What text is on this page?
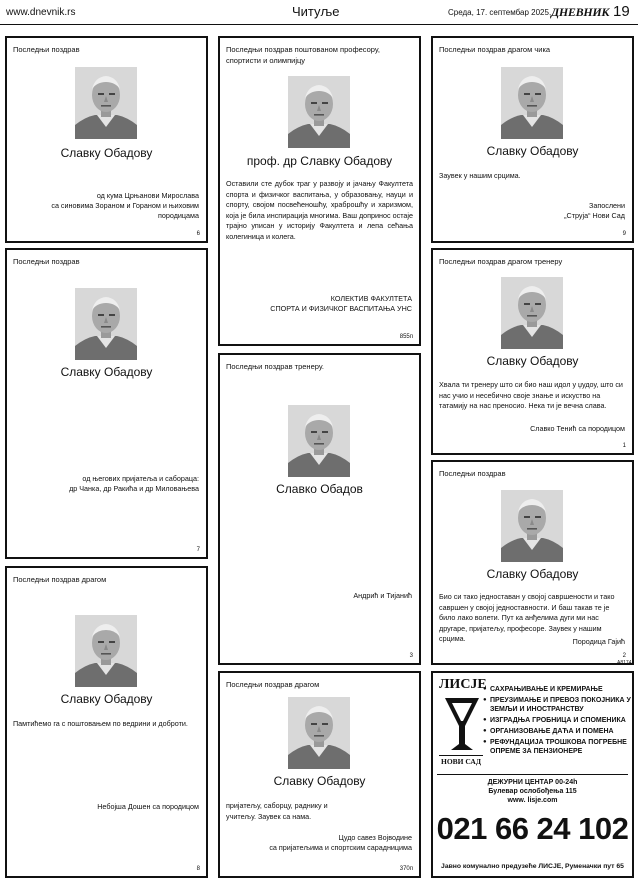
www.dnevnik.rs	Читуље	Среда, 17. септембар 2025. ДНЕВНИК 19
Последњи поздрав
Славку Обадову
од кума Црњанови Мирослава
са синовима Зораном и Гораном и њиховим породицама
6
Последњи поздрав
Славку Обадову
од његових пријатеља и сабораца:
др Чанка, др Ракића и др Миловањева
7
Последњи поздрав драгом
Славку Обадову
Памтићемо га с поштовањем по ведрини и доброти.
Небојша Дошен са породицом
8
Последњи поздрав поштованом професору, спортисти и олимпијцу
проф. др Славку Обадову
Оставили сте дубок траг у развоју и јачању Факултета спорта и физичког васпитања, у образовању, науци и спорту, својом посвећеношћу, храброшћу и харизмом, која је била инспирација многима. Ваш допринос остаје трајно уписан у историју Факултета и лепа сећања колегиница и колега.
КОЛЕКТИВ ФАКУЛТЕТА
СПОРТА И ФИЗИЧКОГ ВАСПИТАЊА УНС
855п
Последњи поздрав тренеру.
Славко Обадов
Андрић и Тијанић
3
Последњи поздрав драгом
Славку Обадову
пријатељу, саборцу, раднику и учитељу. Заувек са нама.
Цудо савез Војводине
са пријатељима и спортским сарадницима
370п
Последњи поздрав драгом чика
Славку Обадову
Заувек у нашим срцима.
Запослени
„Струја“ Нови Сад
9
Последњи поздрав драгом тренеру
Славку Обадову
Хвала ти тренеру што си био наш идол у џудоу, што си нас учио и несебично своје знање и искуство на татамију на нас преносио. Нека ти је вечна слава.
Славко Тенић са породицом
1
Последњи поздрав
Славку Обадову
Био си тако једноставан у својој савршености и тако савршен у својој једноставности. И баш такав те је било лако волети. Пут ка анђелима дуги ми нас другаре, пријатељу, професоре. Заувек у нашим срцима.	Породица Гајић
2
А8174
ЛИСЈЕ
НОВИ САД
● САХРАЊИВАЊЕ И КРЕМИРАЊЕ
● ПРЕУЗИМАЊЕ И ПРЕВОЗ ПОКОЈНИКА У ЗЕМЉИ И ИНОСТРАНСТВУ
● ИЗГРАДЊА ГРОБНИЦА И СПОМЕНИКА
● ОРГАНИЗОВАЊЕ ДАЋА И ПОМЕНА
● РЕФУНДАЦИЈА ТРОШКОВА ПОГРЕБНЕ ОПРЕМЕ ЗА ПЕНЗИОНЕРЕ
ДЕЖУРНИ ЦЕНТАР 00-24h
Булевар ослобођења 115
www. lisje.com
021 66 24 102
Јавно комунално предузеће ЛИСЈЕ, Руменачки пут 65
